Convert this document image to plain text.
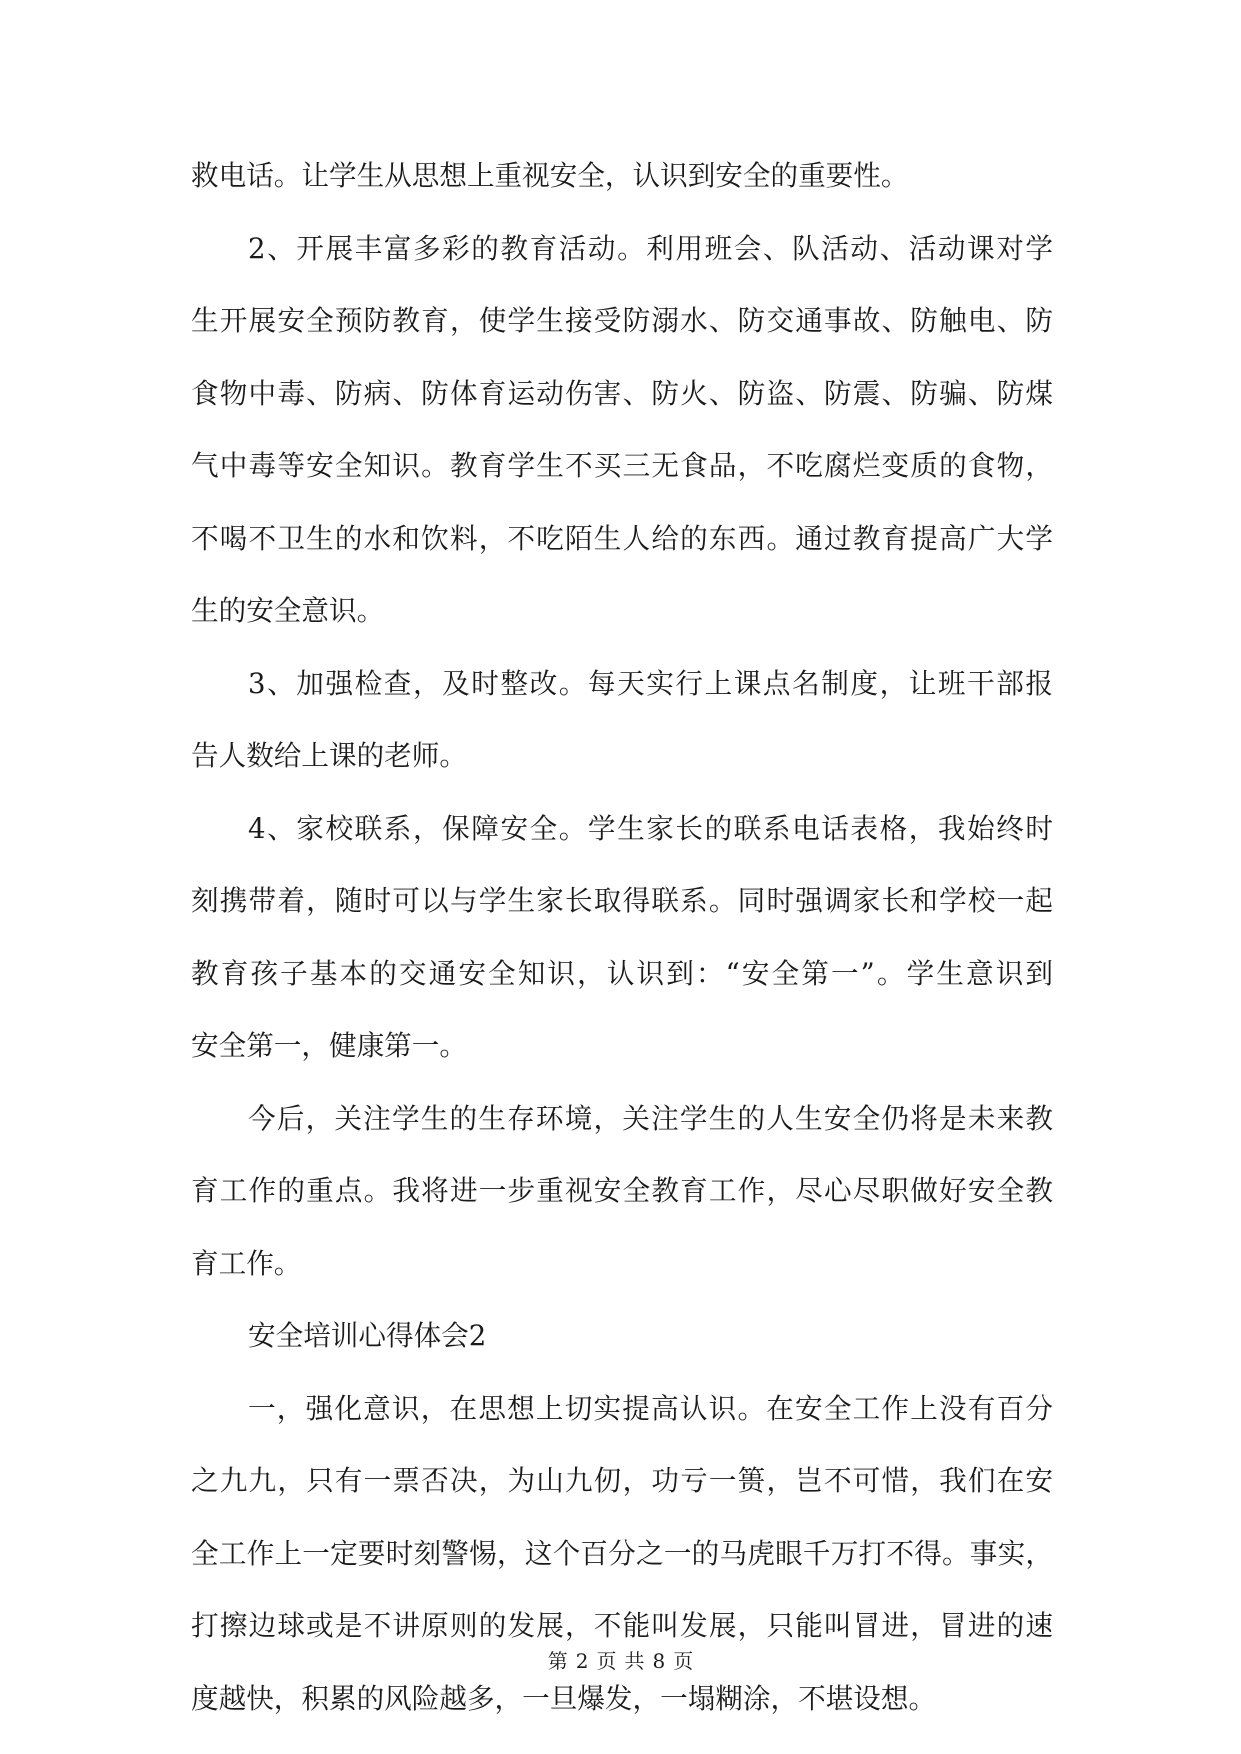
救电话。让学生从思想上重视安全，认识到安全的重要性。
2、开展丰富多彩的教育活动。利用班会、队活动、活动课对学
生开展安全预防教育，使学生接受防溺水、防交通事故、防触电、防
食物中毒、防病、防体育运动伤害、防火、防盗、防震、防骗、防煤
气中毒等安全知识。教育学生不买三无食品，不吃腐烂变质的食物，
不喝不卫生的水和饮料，不吃陌生人给的东西。通过教育提高广大学
生的安全意识。
3、加强检查，及时整改。每天实行上课点名制度，让班干部报
告人数给上课的老师。
4、家校联系，保障安全。学生家长的联系电话表格，我始终时
刻携带着，随时可以与学生家长取得联系。同时强调家长和学校一起
教育孩子基本的交通安全知识，认识到：“安全第一”。学生意识到
安全第一，健康第一。
今后，关注学生的生存环境，关注学生的人生安全仍将是未来教
育工作的重点。我将进一步重视安全教育工作，尽心尽职做好安全教
育工作。
安全培训心得体会2
一，强化意识，在思想上切实提高认识。在安全工作上没有百分
之九九，只有一票否决，为山九仞，功亏一篑，岂不可惜，我们在安
全工作上一定要时刻警惕，这个百分之一的马虎眼千万打不得。事实，
打擦边球或是不讲原则的发展，不能叫发展，只能叫冒进，冒进的速
度越快，积累的风险越多，一旦爆发，一塌糊涂，不堪设想。
第 2 页 共 8 页
